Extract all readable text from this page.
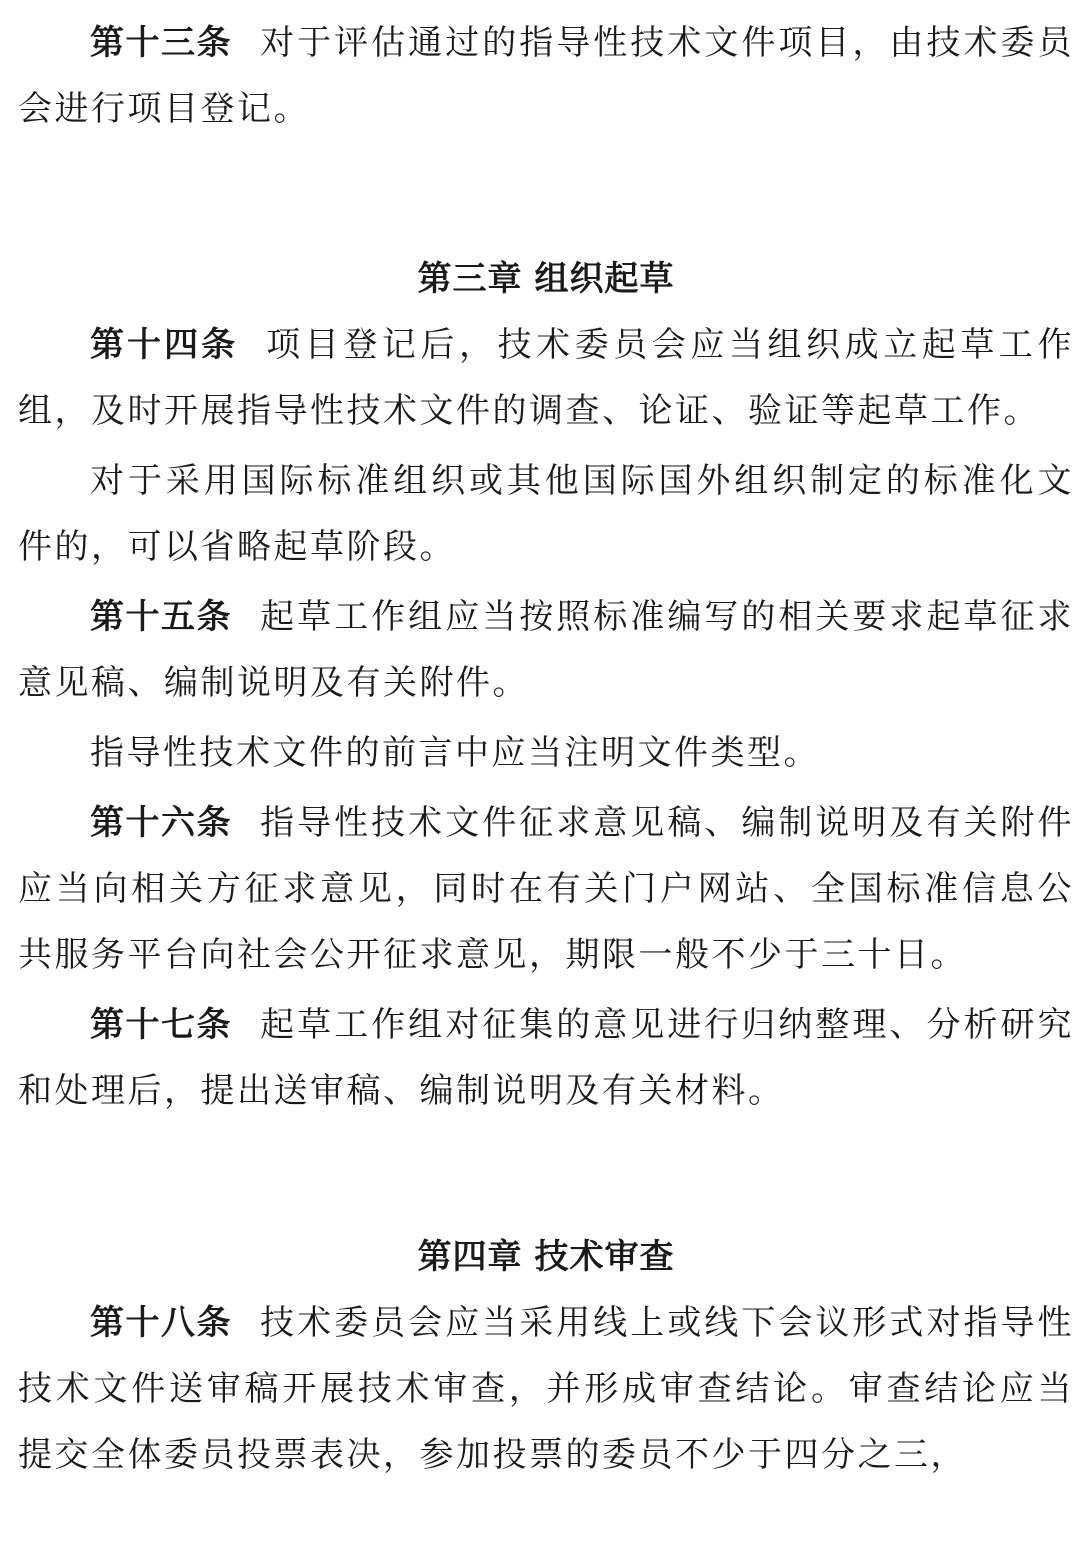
第十三条 对于评估通过的指导性技术文件项目，由技术委员会进行项目登记。

第三章 组织起草

第十四条 项目登记后，技术委员会应当组织成立起草工作组，及时开展指导性技术文件的调查、论证、验证等起草工作。

对于采用国际标准组织或其他国际国外组织制定的标准化文件的，可以省略起草阶段。

第十五条 起草工作组应当按照标准编写的相关要求起草征求意见稿、编制说明及有关附件。

指导性技术文件的前言中应当注明文件类型。

第十六条 指导性技术文件征求意见稿、编制说明及有关附件应当向相关方征求意见，同时在有关门户网站、全国标准信息公共服务平台向社会公开征求意见，期限一般不少于三十日。

第十七条 起草工作组对征集的意见进行归纳整理、分析研究和处理后，提出送审稿、编制说明及有关材料。

第四章 技术审查

第十八条 技术委员会应当采用线上或线下会议形式对指导性技术文件送审稿开展技术审查，并形成审查结论。审查结论应当提交全体委员投票表决，参加投票的委员不少于四分之三，
